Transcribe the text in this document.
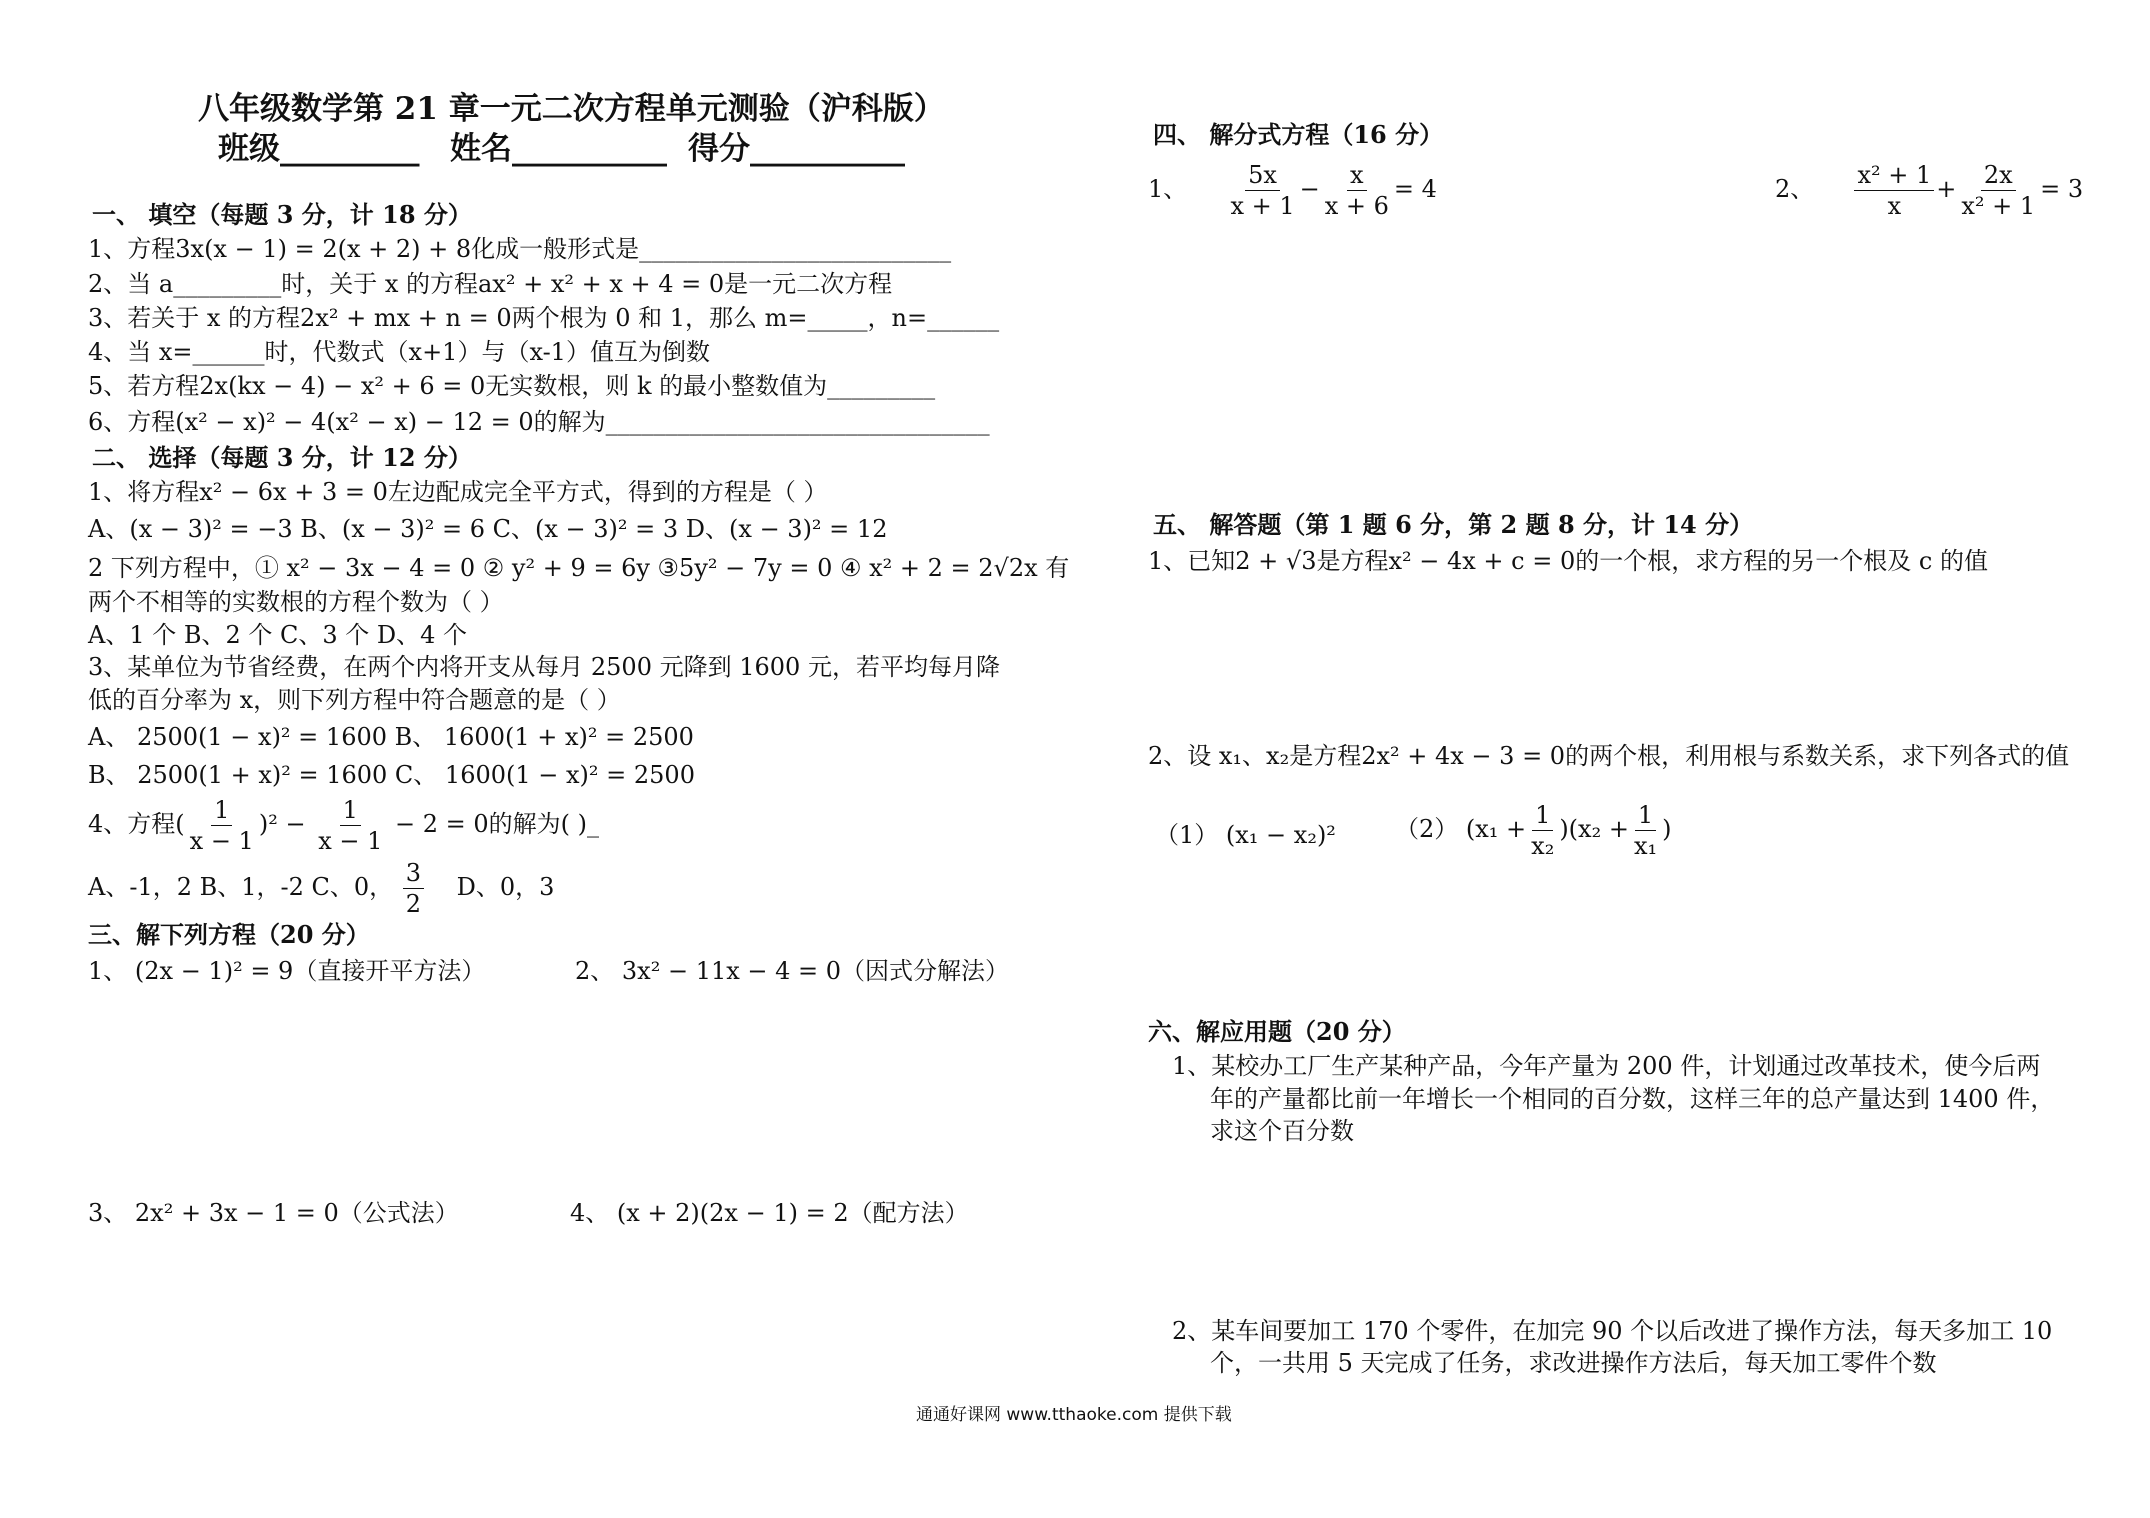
八年级数学第 21 章一元二次方程单元测验（沪科版）
班级_________ 姓名__________ 得分__________
一、 填空（每题 3 分，计 18 分）
1、方程3x(x − 1) = 2(x + 2) + 8化成一般形式是__________________________
2、当 a_________时，关于 x 的方程ax² + x² + x + 4 = 0是一元二次方程
3、若关于 x 的方程2x² + mx + n = 0两个根为 0 和 1，那么 m=_____，n=______
4、当 x=______时，代数式（x+1）与（x-1）值互为倒数
5、若方程2x(kx − 4) − x² + 6 = 0无实数根，则 k 的最小整数值为_________
6、方程(x² − x)² − 4(x² − x) − 12 = 0的解为________________________________
二、 选择（每题 3 分，计 12 分）
1、将方程x² − 6x + 3 = 0左边配成完全平方式，得到的方程是（ ）
A、(x − 3)² = −3 B、(x − 3)² = 6 C、(x − 3)² = 3 D、(x − 3)² = 12
2 下列方程中，① x² − 3x − 4 = 0 ② y² + 9 = 6y ③5y² − 7y = 0 ④ x² + 2 = 2√2x 有
两个不相等的实数根的方程个数为（ ）
A、1 个 B、2 个 C、3 个 D、4 个
3、某单位为节省经费，在两个内将开支从每月 2500 元降到 1600 元，若平均每月降
低的百分率为 x，则下列方程中符合题意的是（ ）
A、 2500(1 − x)² = 1600 B、 1600(1 + x)² = 2500
B、 2500(1 + x)² = 1600 C、 1600(1 − x)² = 2500
4、方程( $\frac{1}{x - 1} )^2 - \frac{1}{x - 1} - 2 = 0$的解为( )_
A、-1，2 B、1，-2 C、0， $\frac{3}{2}$ D、0，3
三、解下列方程（20 分）
1、 (2x − 1)² = 9（直接开平方法）	2、 3x² − 11x − 4 = 0（因式分解法）
3、 2x² + 3x − 1 = 0（公式法）	4、 (x + 2)(2x − 1) = 2（配方法）
四、 解分式方程（16 分）
1、 $\frac{5x}{x + 1} - \frac{x}{x + 6} = 4$	2、 $\frac{\text{x² + 1}}{x} + \frac{2x}{\text{x² + 1}} = 3$
五、 解答题（第 1 题 6 分，第 2 题 8 分，计 14 分）
1、已知2 + √3是方程x² − 4x + c = 0的一个根，求方程的另一个根及 c 的值
2、设 x₁、x₂是方程2x² + 4x − 3 = 0的两个根，利用根与系数关系，求下列各式的值
（1） (x₁ − x₂)² （2） $(x_1 + \frac{1}{\text{x₂}} )(x_2 + \frac{1}{\text{x₁}}$ )
六、解应用题（20 分）
1、某校办工厂生产某种产品，今年产量为 200 件，计划通过改革技术，使今后两
年的产量都比前一年增长一个相同的百分数，这样三年的总产量达到 1400 件，
求这个百分数
2、某车间要加工 170 个零件，在加完 90 个以后改进了操作方法，每天多加工 10
个，一共用 5 天完成了任务，求改进操作方法后，每天加工零件个数
通通好课网 www.tthaoke.com 提供下载
